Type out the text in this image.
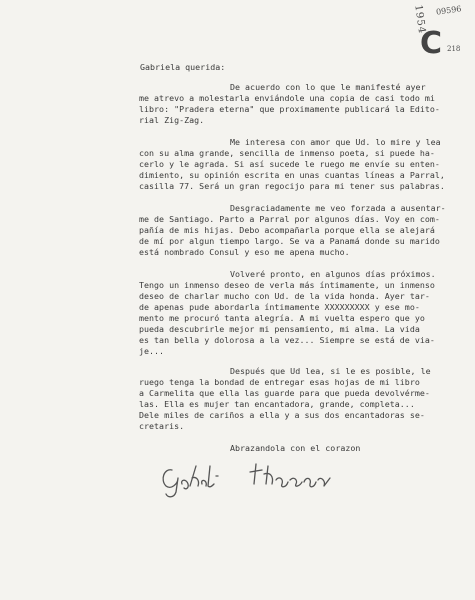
09596
1954
C 218
Gabriela querida:
De acuerdo con lo que le manifesté ayer
me atrevo a molestarla enviándole una copia de casi todo mi
libro: "Pradera eterna" que proximamente publicará la Edito-
rial Zig-Zag.
Me interesa con amor que Ud. lo mire y lea
con su alma grande, sencilla de inmenso poeta, si puede ha-
cerlo y le agrada. Si así sucede le ruego me envíe su enten-
dimiento, su opinión escrita en unas cuantas líneas a Parral,
casilla 77. Será un gran regocijo para mi tener sus palabras.
Desgraciadamente me veo forzada a ausentar-
me de Santiago. Parto a Parral por algunos días. Voy en com-
pañía de mis hijas. Debo acompañarla porque ella se alejará
de mí por algun tiempo largo. Se va a Panamá donde su marido
está nombrado Consul y eso me apena mucho.
Volveré pronto, en algunos días próximos.
Tengo un inmenso deseo de verla más íntimamente, un inmenso
deseo de charlar mucho con Ud. de la vida honda. Ayer tar-
de apenas pude abordarla íntimamente XXXXXXXXX y ese mo-
mento me procuró tanta alegría. A mi vuelta espero que yo
pueda descubrirle mejor mi pensamiento, mi alma. La vida
es tan bella y dolorosa a la vez... Siempre se está de via-
je...
Después que Ud lea, si le es posible, le
ruego tenga la bondad de entregar esas hojas de mi libro
a Carmelita que ella las guarde para que pueda devolvérme-
las. Ella es mujer tan encantadora, grande, completa...
Dele miles de cariños a ella y a sus dos encantadoras se-
cretaris.
Abrazandola con el corazon
